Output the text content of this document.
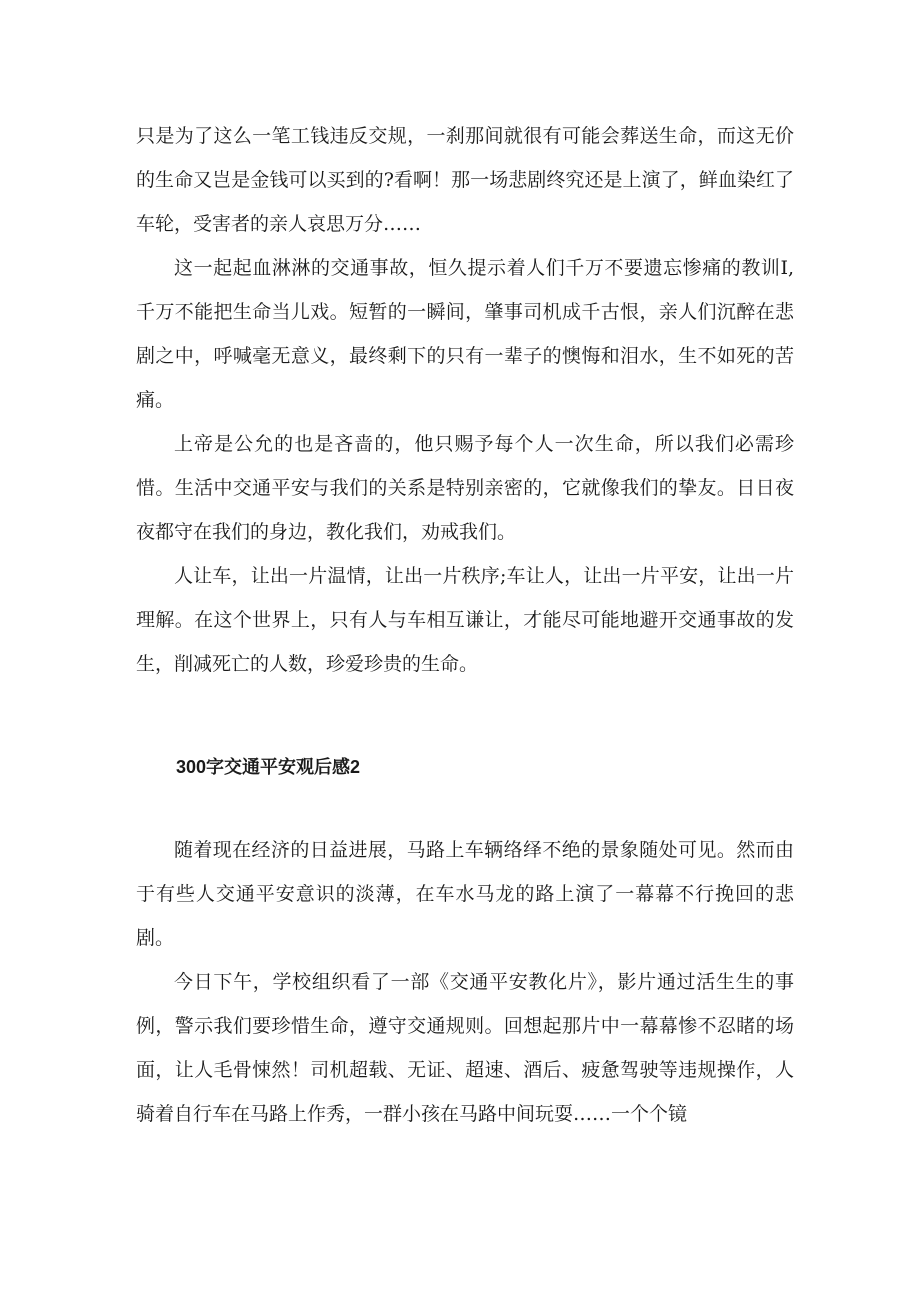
只是为了这么一笔工钱违反交规，一刹那间就很有可能会葬送生命，而这无价的生命又岂是金钱可以买到的?看啊！那一场悲剧终究还是上演了，鲜血染红了车轮，受害者的亲人哀思万分……

这一起起血淋淋的交通事故，恒久提示着人们千万不要遗忘惨痛的教训I,千万不能把生命当儿戏。短暂的一瞬间，肇事司机成千古恨，亲人们沉醉在悲剧之中，呼喊毫无意义，最终剩下的只有一辈子的懊悔和泪水，生不如死的苦痛。

上帝是公允的也是吝啬的，他只赐予每个人一次生命，所以我们必需珍惜。生活中交通平安与我们的关系是特别亲密的，它就像我们的挚友。日日夜夜都守在我们的身边，教化我们，劝戒我们。

人让车，让出一片温情，让出一片秩序;车让人，让出一片平安，让出一片理解。在这个世界上，只有人与车相互谦让，才能尽可能地避开交通事故的发生，削减死亡的人数，珍爱珍贵的生命。

300字交通平安观后感2

随着现在经济的日益进展，马路上车辆络绎不绝的景象随处可见。然而由于有些人交通平安意识的淡薄，在车水马龙的路上演了一幕幕不行挽回的悲剧。

今日下午，学校组织看了一部《交通平安教化片》，影片通过活生生的事例，警示我们要珍惜生命，遵守交通规则。回想起那片中一幕幕惨不忍睹的场面，让人毛骨悚然！司机超载、无证、超速、酒后、疲惫驾驶等违规操作，人骑着自行车在马路上作秀，一群小孩在马路中间玩耍……一个个镜
